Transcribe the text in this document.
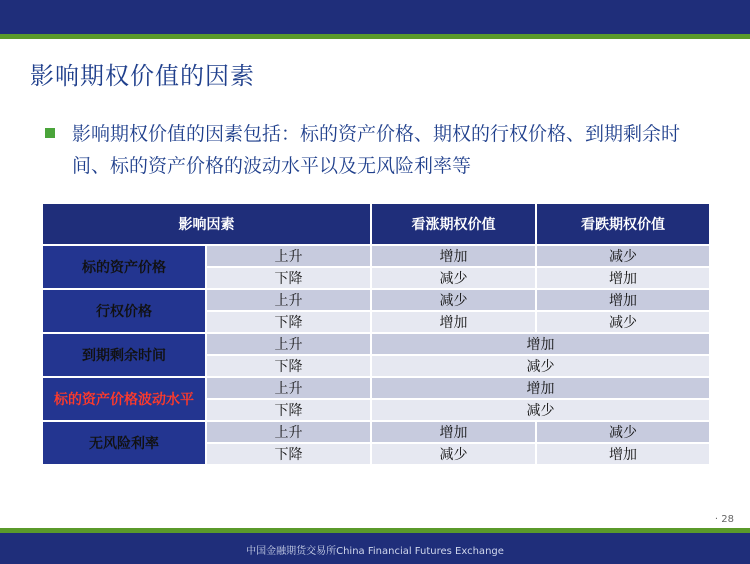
影响期权价值的因素
影响期权价值的因素包括：标的资产价格、期权的行权价格、到期剩余时间、标的资产价格的波动水平以及无风险利率等
影响因素		看涨期权价值	看跌期权价值
标的资产价格	上升	增加	减少
	下降	减少	增加
行权价格	上升	减少	增加
	下降	增加	减少
到期剩余时间	上升	增加	
	下降	减少	
标的资产价格波动水平	上升	增加	
	下降	减少	
无风险利率	上升	增加	减少
	下降	减少	增加
· 28
中国金融期货交易所China Financial Futures Exchange
